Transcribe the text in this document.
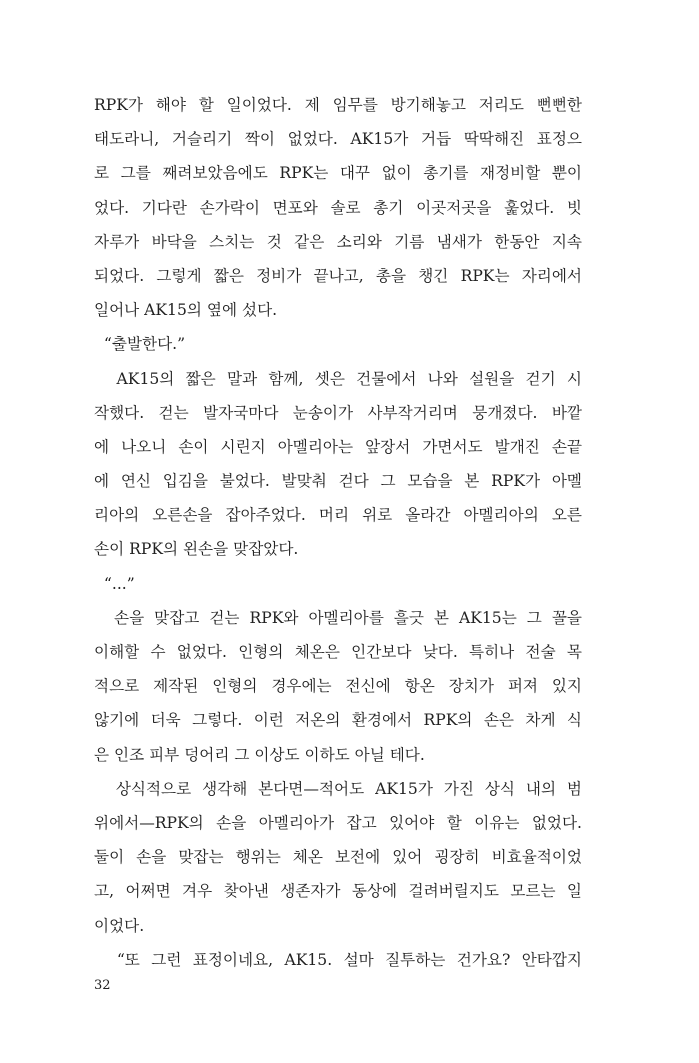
RPK가 해야 할 일이었다. 제 임무를 방기해놓고 저리도 뻔뻔한
태도라니, 거슬리기 짝이 없었다. AK15가 거듭 딱딱해진 표정으
로 그를 째려보았음에도 RPK는 대꾸 없이 총기를 재정비할 뿐이
었다. 기다란 손가락이 면포와 솔로 총기 이곳저곳을 훑었다. 빗
자루가 바닥을 스치는 것 같은 소리와 기름 냄새가 한동안 지속
되었다. 그렇게 짧은 정비가 끝나고, 총을 챙긴 RPK는 자리에서
일어나 AK15의 옆에 섰다.
“출발한다.”
AK15의 짧은 말과 함께, 셋은 건물에서 나와 설원을 걷기 시
작했다. 걷는 발자국마다 눈송이가 사부작거리며 뭉개졌다. 바깥
에 나오니 손이 시린지 아멜리아는 앞장서 가면서도 발개진 손끝
에 연신 입김을 불었다. 발맞춰 걷다 그 모습을 본 RPK가 아멜
리아의 오른손을 잡아주었다. 머리 위로 올라간 아멜리아의 오른
손이 RPK의 왼손을 맞잡았다.
“...”
손을 맞잡고 걷는 RPK와 아멜리아를 흘긋 본 AK15는 그 꼴을
이해할 수 없었다. 인형의 체온은 인간보다 낮다. 특히나 전술 목
적으로 제작된 인형의 경우에는 전신에 항온 장치가 퍼져 있지
않기에 더욱 그렇다. 이런 저온의 환경에서 RPK의 손은 차게 식
은 인조 피부 덩어리 그 이상도 이하도 아닐 테다.
상식적으로 생각해 본다면—적어도 AK15가 가진 상식 내의 범
위에서—RPK의 손을 아멜리아가 잡고 있어야 할 이유는 없었다.
둘이 손을 맞잡는 행위는 체온 보전에 있어 굉장히 비효율적이었
고, 어쩌면 겨우 찾아낸 생존자가 동상에 걸려버릴지도 모르는 일
이었다.
“또 그런 표정이네요, AK15. 설마 질투하는 건가요? 안타깝지
32
